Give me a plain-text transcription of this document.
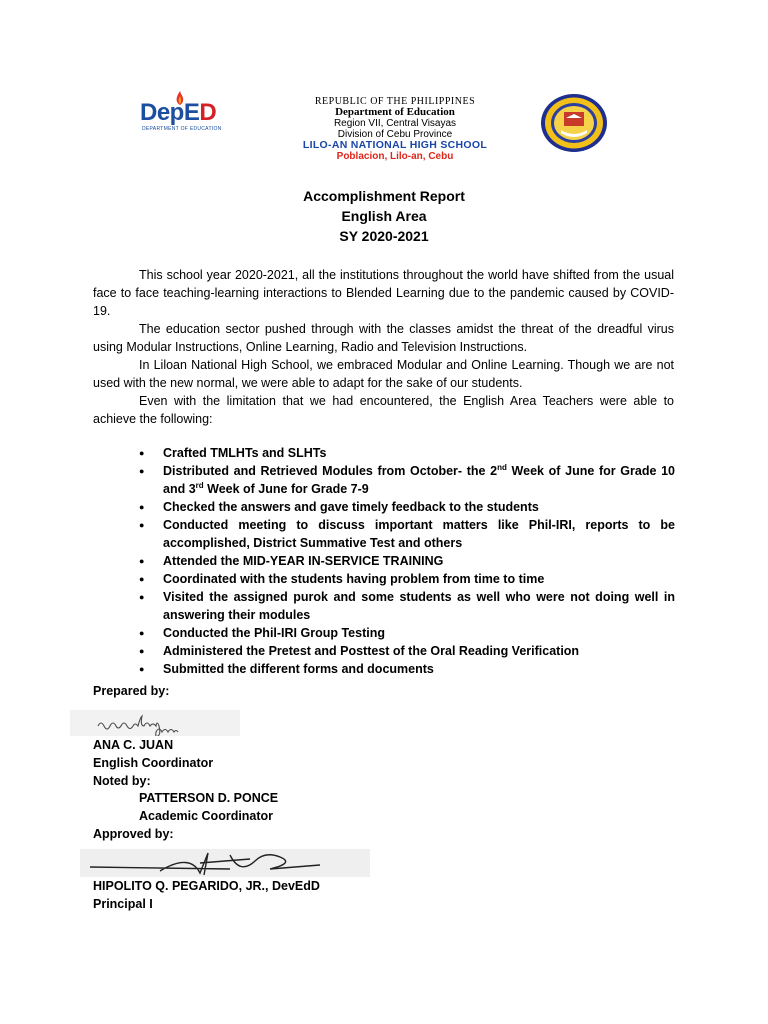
DepED
DEPARTMENT OF EDUCATION
REPUBLIC OF THE PHILIPPINES
Department of Education
Region VII, Central Visayas
Division of Cebu Province
LILO-AN NATIONAL HIGH SCHOOL
Poblacion, Lilo-an, Cebu
Accomplishment Report
English Area
SY 2020-2021

This school year 2020-2021, all the institutions throughout the world have shifted from the usual face to face teaching-learning interactions to Blended Learning due to the pandemic caused by COVID-19.

The education sector pushed through with the classes amidst the threat of the dreadful virus using Modular Instructions, Online Learning, Radio and Television Instructions.

In Liloan National High School, we embraced Modular and Online Learning. Though we are not used with the new normal, we were able to adapt for the sake of our students.

Even with the limitation that we had encountered, the English Area Teachers were able to achieve the following:

● Crafted TMLHTs and SLHTs

● Distributed and Retrieved Modules from October- the 2nd Week of June for Grade 10 and 3rd Week of June for Grade 7-9

● Checked the answers and gave timely feedback to the students

● Conducted meeting to discuss important matters like Phil-IRI, reports to be accomplished, District Summative Test and others

● Attended the MID-YEAR IN-SERVICE TRAINING

● Coordinated with the students having problem from time to time

● Visited the assigned purok and some students as well who were not doing well in answering their modules

● Conducted the Phil-IRI Group Testing

● Administered the Pretest and Posttest of the Oral Reading Verification

● Submitted the different forms and documents

Prepared by:
ANA C. JUAN
English Coordinator
Noted by:
PATTERSON D. PONCE
Academic Coordinator
Approved by:
HIPOLITO Q. PEGARIDO, JR., DevEdD
Principal I
